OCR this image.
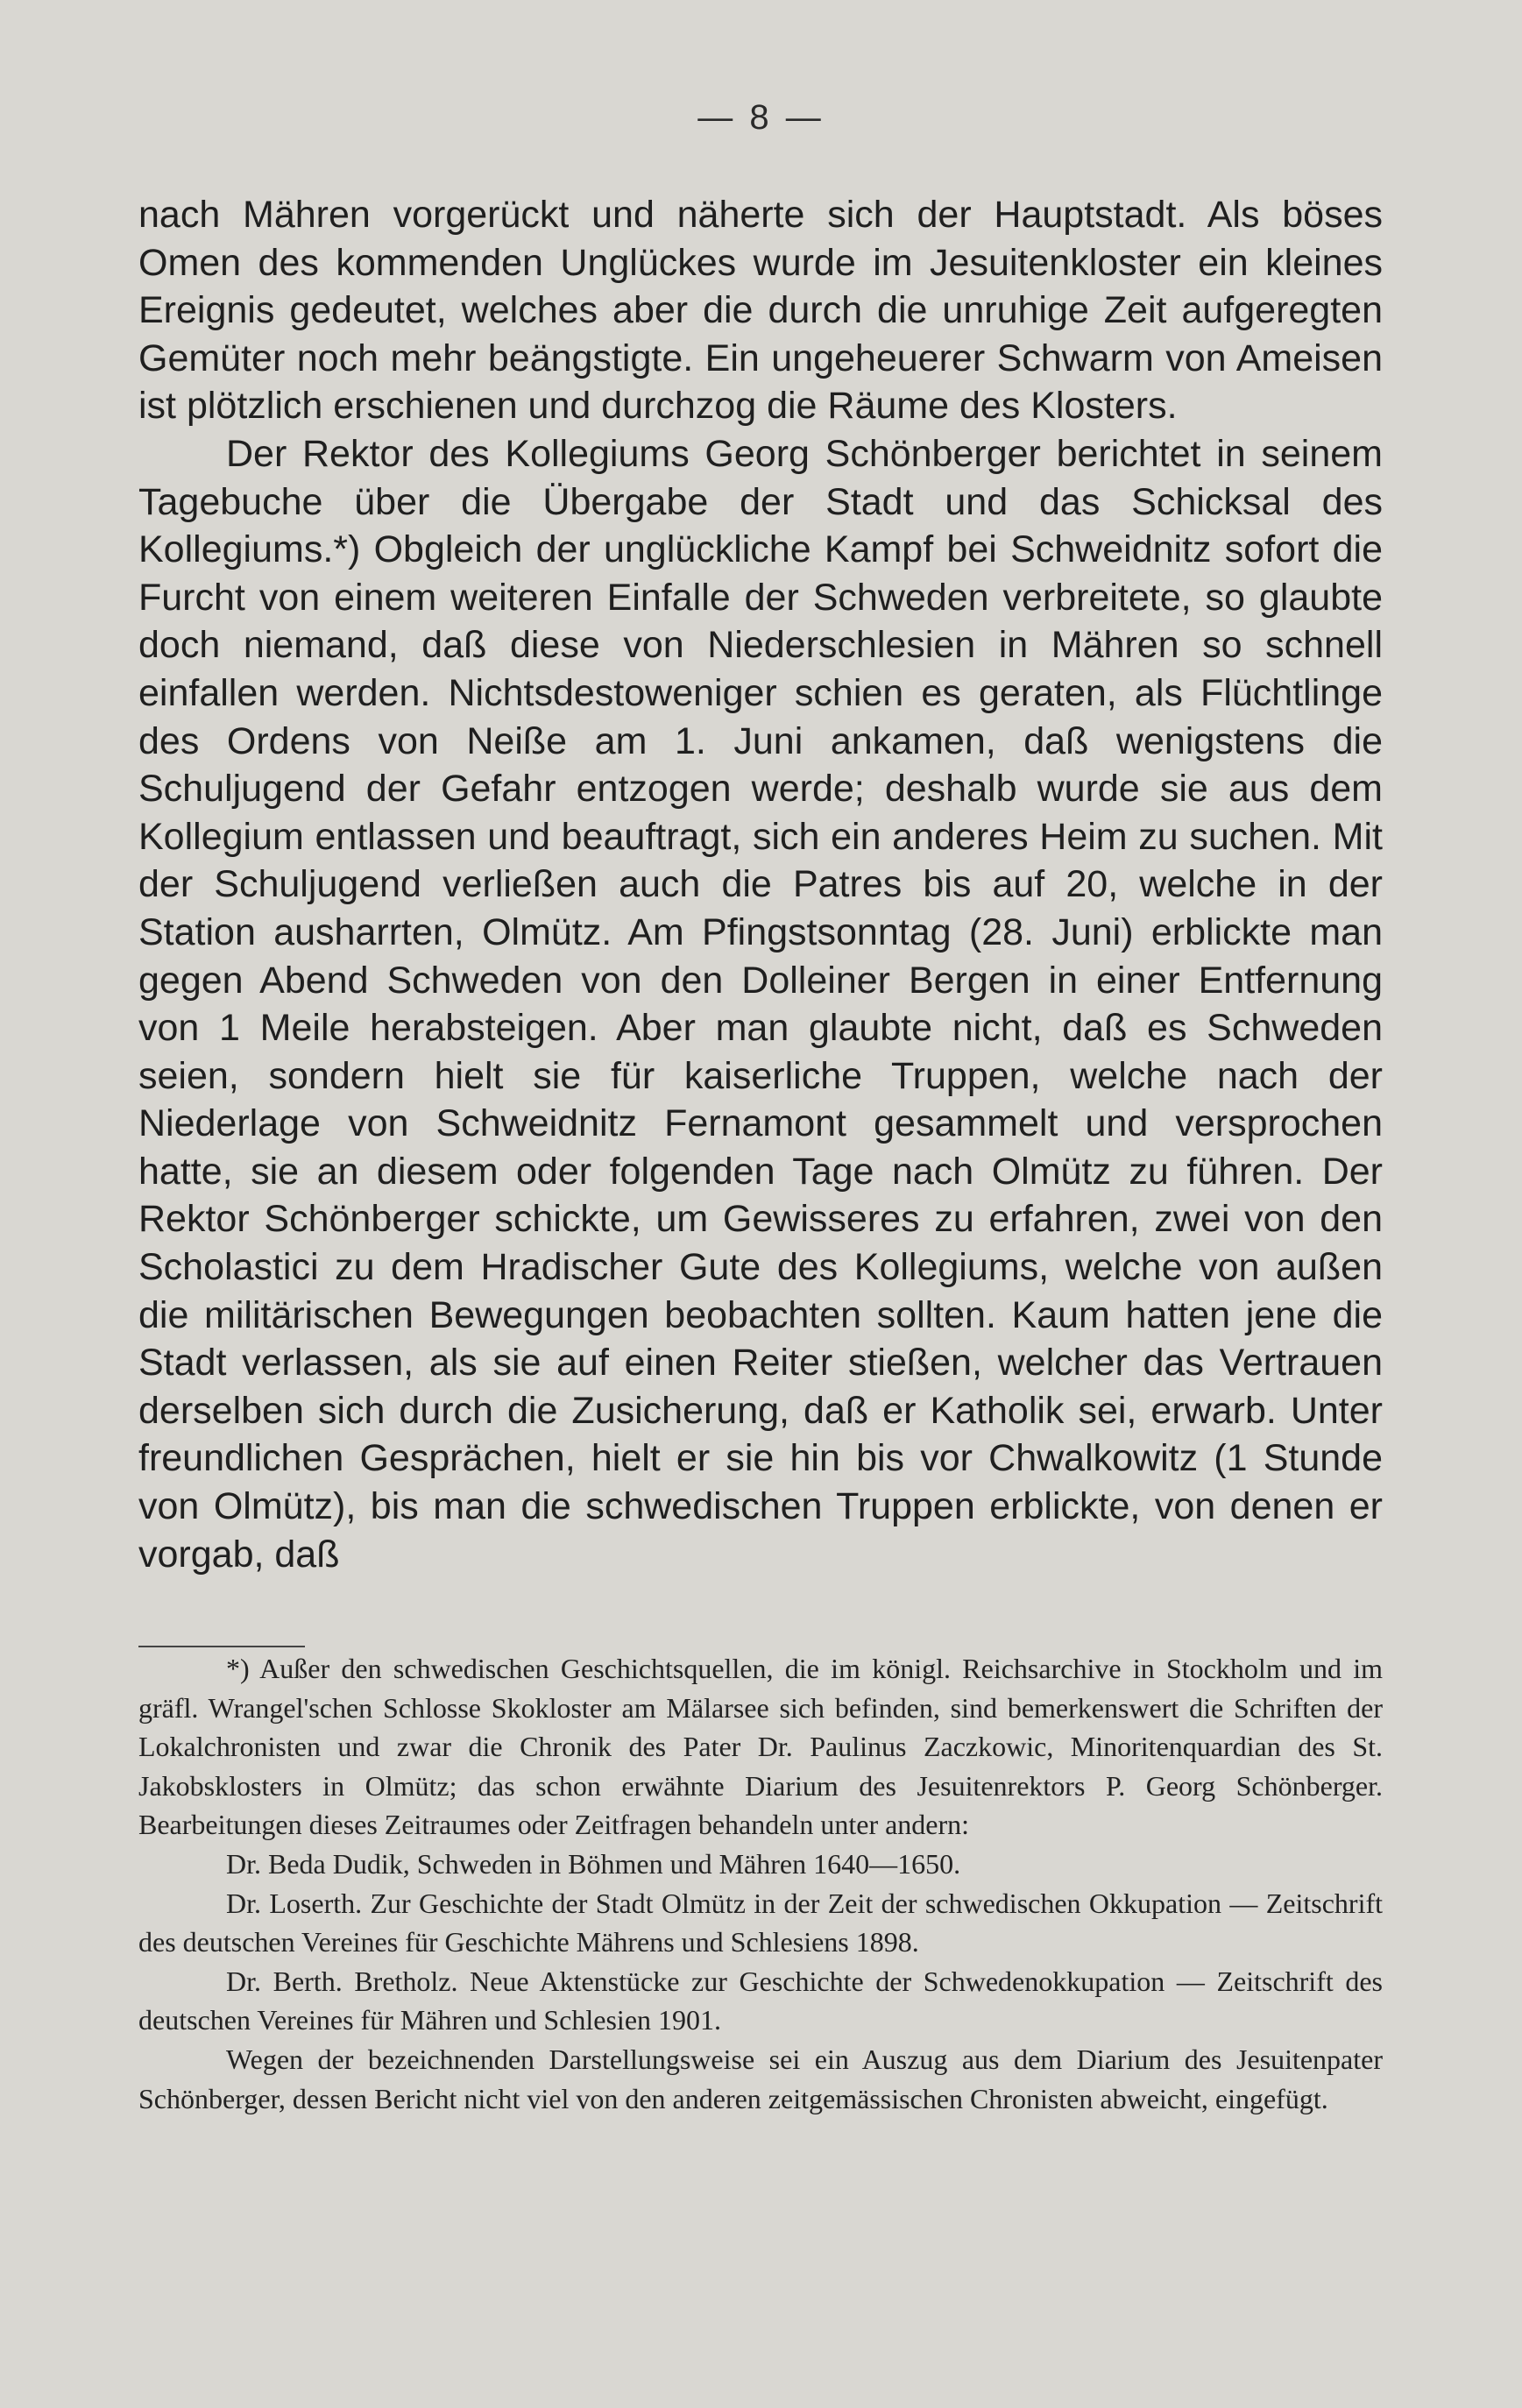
— 8 —

nach Mähren vorgerückt und näherte sich der Hauptstadt. Als böses Omen des kommenden Unglückes wurde im Jesuitenkloster ein kleines Ereignis gedeutet, welches aber die durch die unruhige Zeit aufgeregten Gemüter noch mehr beängstigte. Ein ungeheuerer Schwarm von Ameisen ist plötzlich erschienen und durchzog die Räume des Klosters.

Der Rektor des Kollegiums Georg Schönberger berichtet in seinem Tagebuche über die Übergabe der Stadt und das Schicksal des Kollegiums.*) Obgleich der unglückliche Kampf bei Schweidnitz sofort die Furcht von einem weiteren Einfalle der Schweden verbreitete, so glaubte doch niemand, daß diese von Niederschlesien in Mähren so schnell einfallen werden. Nichtsdestoweniger schien es geraten, als Flüchtlinge des Ordens von Neiße am 1. Juni ankamen, daß wenigstens die Schuljugend der Gefahr entzogen werde; deshalb wurde sie aus dem Kollegium entlassen und beauftragt, sich ein anderes Heim zu suchen. Mit der Schuljugend verließen auch die Patres bis auf 20, welche in der Station ausharrten, Olmütz. Am Pfingstsonntag (28. Juni) erblickte man gegen Abend Schweden von den Dolleiner Bergen in einer Entfernung von 1 Meile herabsteigen. Aber man glaubte nicht, daß es Schweden seien, sondern hielt sie für kaiserliche Truppen, welche nach der Niederlage von Schweidnitz Fernamont gesammelt und versprochen hatte, sie an diesem oder folgenden Tage nach Olmütz zu führen. Der Rektor Schönberger schickte, um Gewisseres zu erfahren, zwei von den Scholastici zu dem Hradischer Gute des Kollegiums, welche von außen die militärischen Bewegungen beobachten sollten. Kaum hatten jene die Stadt verlassen, als sie auf einen Reiter stießen, welcher das Vertrauen derselben sich durch die Zusicherung, daß er Katholik sei, erwarb. Unter freundlichen Gesprächen, hielt er sie hin bis vor Chwalkowitz (1 Stunde von Olmütz), bis man die schwedischen Truppen erblickte, von denen er vorgab, daß

*) Außer den schwedischen Geschichtsquellen, die im königl. Reichsarchive in Stockholm und im gräfl. Wrangel'schen Schlosse Skokloster am Mälarsee sich befinden, sind bemerkenswert die Schriften der Lokalchronisten und zwar die Chronik des Pater Dr. Paulinus Zaczkowic, Minoritenquardian des St. Jakobsklosters in Olmütz; das schon erwähnte Diarium des Jesuitenrektors P. Georg Schönberger. Bearbeitungen dieses Zeitraumes oder Zeitfragen behandeln unter andern:

Dr. Beda Dudik, Schweden in Böhmen und Mähren 1640—1650.

Dr. Loserth. Zur Geschichte der Stadt Olmütz in der Zeit der schwedischen Okkupation — Zeitschrift des deutschen Vereines für Geschichte Mährens und Schlesiens 1898.

Dr. Berth. Bretholz. Neue Aktenstücke zur Geschichte der Schwedenokkupation — Zeitschrift des deutschen Vereines für Mähren und Schlesien 1901.

Wegen der bezeichnenden Darstellungsweise sei ein Auszug aus dem Diarium des Jesuitenpater Schönberger, dessen Bericht nicht viel von den anderen zeitgemässischen Chronisten abweicht, eingefügt.
